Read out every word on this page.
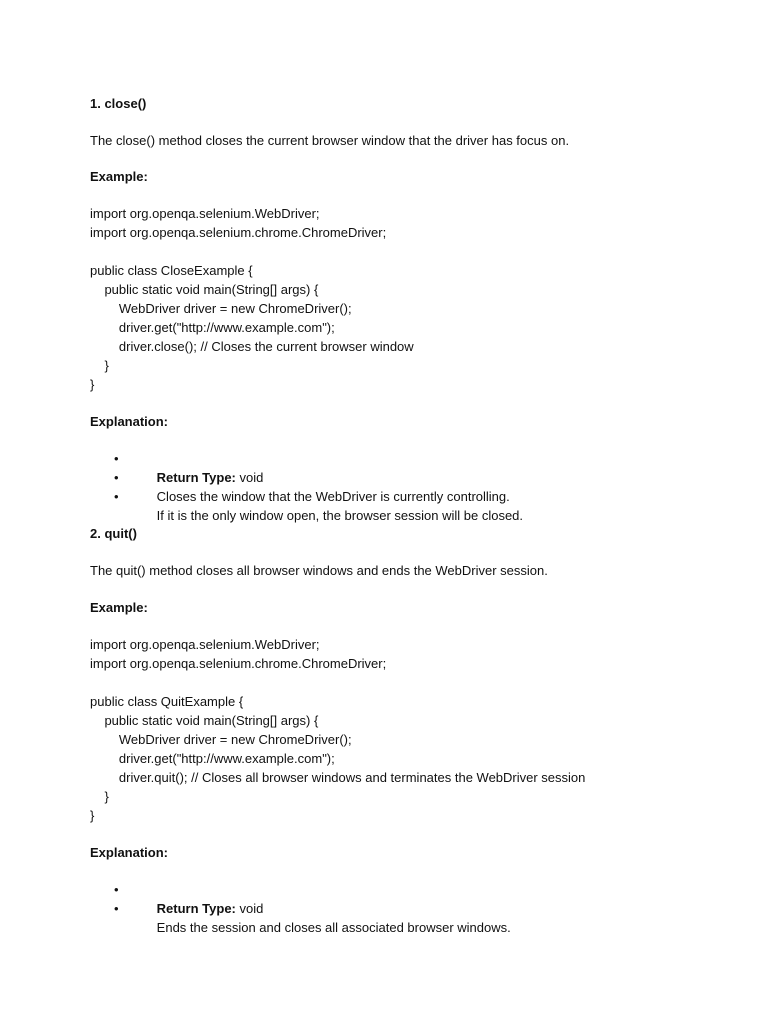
1. close()
The close() method closes the current browser window that the driver has focus on.
Example:
import org.openqa.selenium.WebDriver;
import org.openqa.selenium.chrome.ChromeDriver;
public class CloseExample {
public static void main(String[] args) {
WebDriver driver = new ChromeDriver();
driver.get("http://www.example.com");
driver.close(); // Closes the current browser window
}
}
Explanation:

•
Return Type: void

•
Closes the window that the WebDriver is currently controlling.

•
If it is the only window open, the browser session will be closed.

2. quit()
The quit() method closes all browser windows and ends the WebDriver session.
Example:
import org.openqa.selenium.WebDriver;
import org.openqa.selenium.chrome.ChromeDriver;
public class QuitExample {
public static void main(String[] args) {
WebDriver driver = new ChromeDriver();
driver.get("http://www.example.com");
driver.quit(); // Closes all browser windows and terminates the WebDriver session
}
}
Explanation:

•
Return Type: void

•
Ends the session and closes all associated browser windows.
